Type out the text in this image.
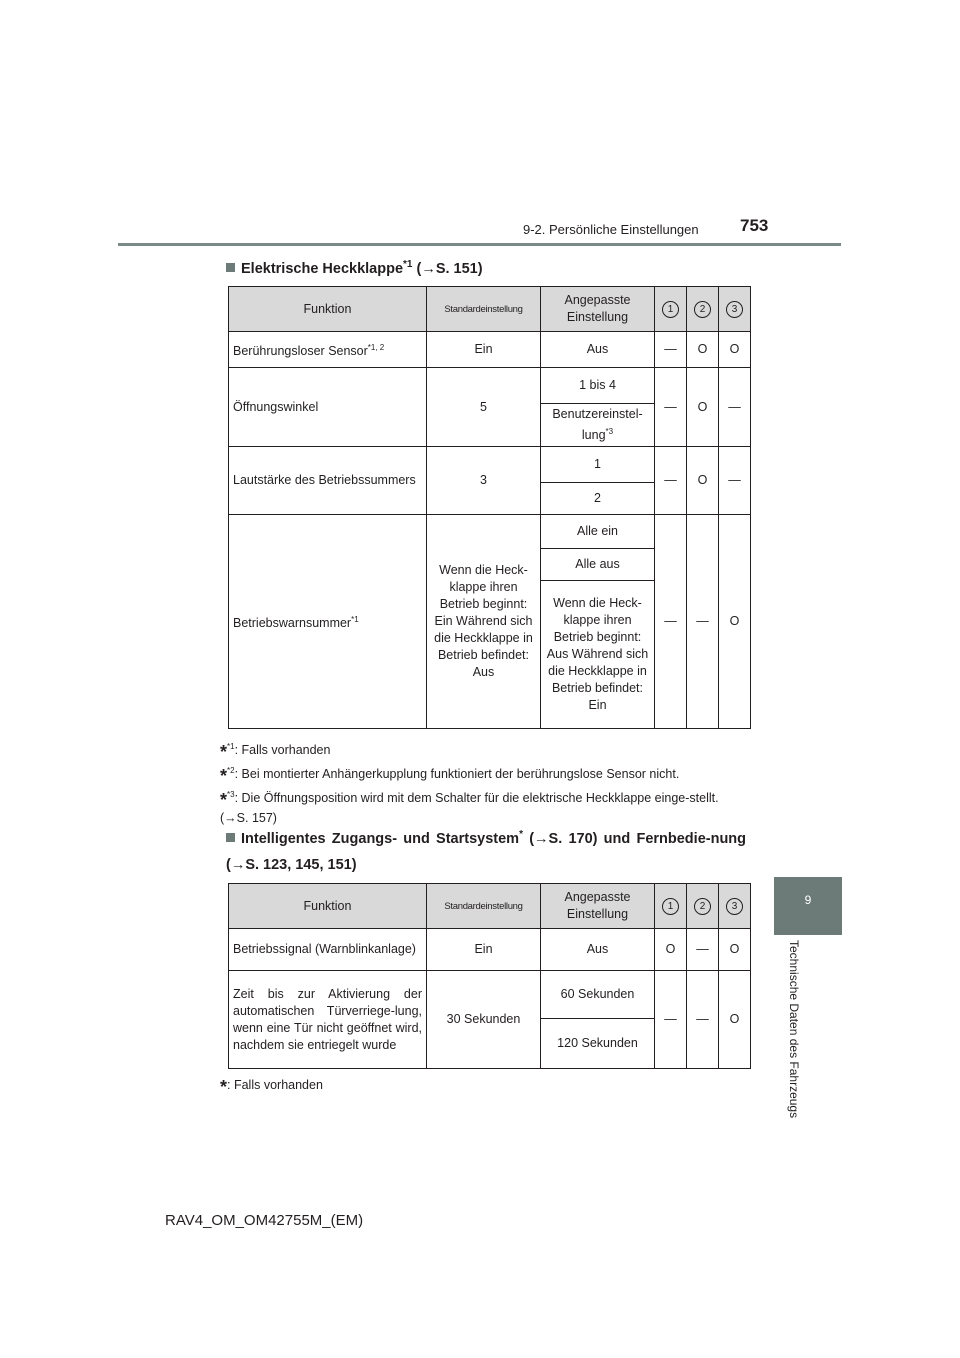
9-2. Persönliche Einstellungen 753
9
Technische Daten des Fahrzeugs
Elektrische Heckklappe$^{*1}$ (→S. 151)
Funktion	Standardeinstellung	Angepasste Einstellung	1	2	3
Berührungsloser Sensor$^{*1, 2}$	Ein	Aus	—	O	O
Öffnungswinkel	5	1 bis 4	—	O	—
		Benutzereinstel-lung$^{*3}$
Lautstärke des Betriebssummers	3	1	—	O	—
		2			
Betriebswarnsummer$^{*1}$	Wenn die Heck-klappe ihren Betrieb beginnt: Ein Während sich die Heckklappe in Betrieb befindet: Aus	Alle ein	—	—	O
		Alle aus			
		Wenn die Heck-klappe ihren Betrieb beginnt: Aus Während sich die Heckklappe in Betrieb befindet: Ein			
*$^{*1}$: Falls vorhanden
*$^{*2}$: Bei montierter Anhängerkupplung funktioniert der berührungslose Sensor nicht.
*$^{*3}$: Die Öffnungsposition wird mit dem Schalter für die elektrische Heckklappe einge-stellt. (→S. 157)
Intelligentes Zugangs- und Startsystem* (→S. 170) und Fernbedie-nung (→S. 123, 145, 151)
Funktion	Standardeinstellung	Angepasste Einstellung	1	2	3
Betriebssignal (Warnblinkanlage)	Ein	Aus	O	—	O
Zeit bis zur Aktivierung der automatischen Türverriege-lung, wenn eine Tür nicht geöffnet wird, nachdem sie entriegelt wurde	30 Sekunden	60 Sekunden	—	—	O
		120 Sekunden			
*: Falls vorhanden
RAV4_OM_OM42755M_(EM)
